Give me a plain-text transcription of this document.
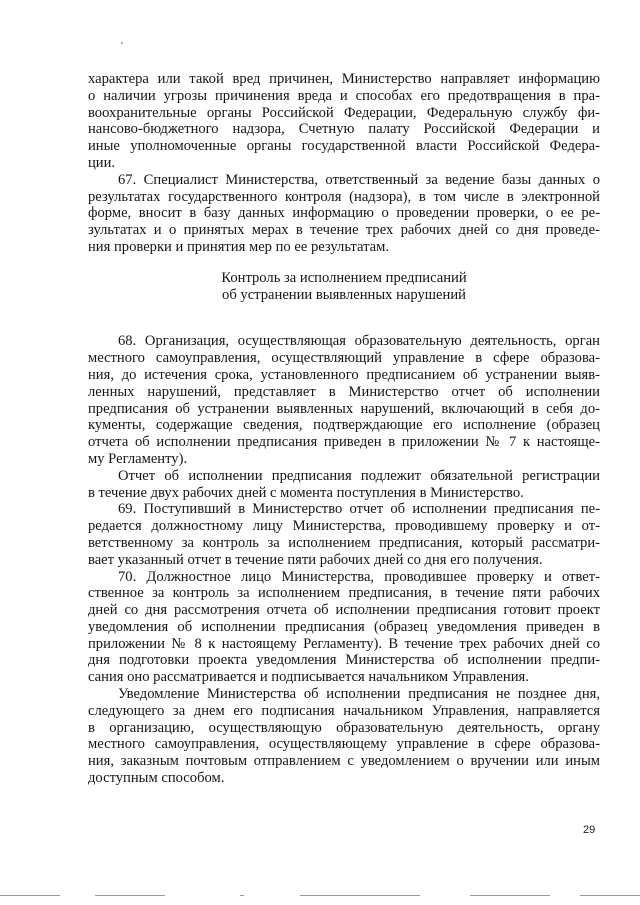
характера или такой вред причинен, Министерство направляет информацию
о наличии угрозы причинения вреда и способах его предотвращения в пра-
воохранительные органы Российской Федерации, Федеральную службу фи-
нансово-бюджетного надзора, Счетную палату Российской Федерации и
иные уполномоченные органы государственной власти Российской Федера-
ции.
67. Специалист Министерства, ответственный за ведение базы данных о
результатах государственного контроля (надзора), в том числе в электронной
форме, вносит в базу данных информацию о проведении проверки, о ее ре-
зультатах и о принятых мерах в течение трех рабочих дней со дня проведе-
ния проверки и принятия мер по ее результатам.
Контроль за исполнением предписаний
об устранении выявленных нарушений
68. Организация, осуществляющая образовательную деятельность, орган
местного самоуправления, осуществляющий управление в сфере образова-
ния, до истечения срока, установленного предписанием об устранении выяв-
ленных нарушений, представляет в Министерство отчет об исполнении
предписания об устранении выявленных нарушений, включающий в себя до-
кументы, содержащие сведения, подтверждающие его исполнение (образец
отчета об исполнении предписания приведен в приложении № 7 к настояще-
му Регламенту).
Отчет об исполнении предписания подлежит обязательной регистрации
в течение двух рабочих дней с момента поступления в Министерство.
69. Поступивший в Министерство отчет об исполнении предписания пе-
редается должностному лицу Министерства, проводившему проверку и от-
ветственному за контроль за исполнением предписания, который рассматри-
вает указанный отчет в течение пяти рабочих дней со дня его получения.
70. Должностное лицо Министерства, проводившее проверку и ответ-
ственное за контроль за исполнением предписания, в течение пяти рабочих
дней со дня рассмотрения отчета об исполнении предписания готовит проект
уведомления об исполнении предписания (образец уведомления приведен в
приложении № 8 к настоящему Регламенту). В течение трех рабочих дней со
дня подготовки проекта уведомления Министерства об исполнении предпи-
сания оно рассматривается и подписывается начальником Управления.
Уведомление Министерства об исполнении предписания не позднее дня,
следующего за днем его подписания начальником Управления, направляется
в организацию, осуществляющую образовательную деятельность, органу
местного самоуправления, осуществляющему управление в сфере образова-
ния, заказным почтовым отправлением с уведомлением о вручении или иным
доступным способом.
29
